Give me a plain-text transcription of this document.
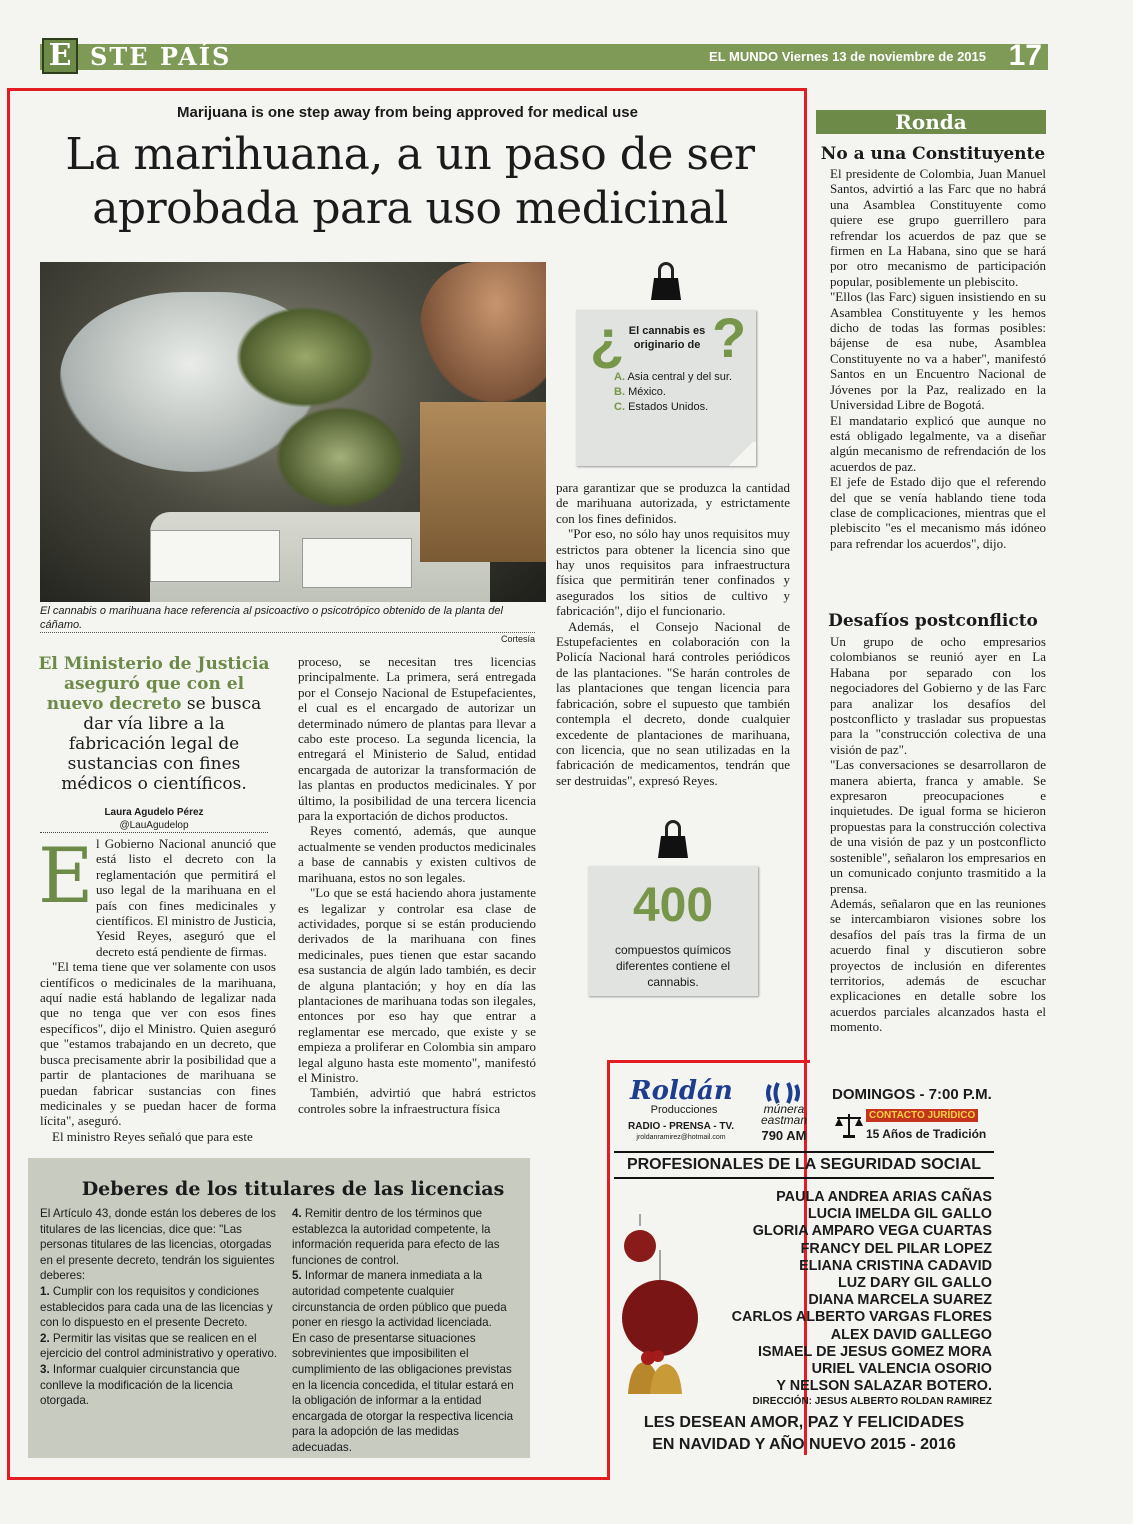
E STE PAÍS	EL MUNDO Viernes 13 de noviembre de 2015 17
Marijuana is one step away from being approved for medical use
La marihuana, a un paso de ser
aprobada para uso medicinal
El cannabis o marihuana hace referencia al psicoactivo o psicotrópico obtenido de la planta del cáñamo.
Cortesía
¿ ?
El cannabis es originario de
A. Asia central y del sur.
B. México.
C. Estados Unidos.
El Ministerio de Justicia aseguró que con el nuevo decreto se busca dar vía libre a la fabricación legal de sustancias con fines médicos o científicos.
Laura Agudelo Pérez
@LauAgudelop
E l Gobierno Nacional anunció que está listo el decreto con la reglamentación que permitirá el uso legal de la marihuana en el país con fines medicinales y científicos. El ministro de Justicia, Yesid Reyes, aseguró que el decreto está pendiente de firmas.

"El tema tiene que ver solamente con usos científicos o medicinales de la marihuana, aquí nadie está hablando de legalizar nada que no tenga que ver con esos fines específicos", dijo el Ministro. Quien aseguró que "estamos trabajando en un decreto, que busca precisamente abrir la posibilidad que a partir de plantaciones de marihuana se puedan fabricar sustancias con fines medicinales y se puedan hacer de forma lícita", aseguró.

El ministro Reyes señaló que para este

proceso, se necesitan tres licencias principalmente. La primera, será entregada por el Consejo Nacional de Estupefacientes, el cual es el encargado de autorizar un determinado número de plantas para llevar a cabo este proceso. La segunda licencia, la entregará el Ministerio de Salud, entidad encargada de autorizar la transformación de las plantas en productos medicinales. Y por último, la posibilidad de una tercera licencia para la exportación de dichos productos.

Reyes comentó, además, que aunque actualmente se venden productos medicinales a base de cannabis y existen cultivos de marihuana, estos no son legales.

"Lo que se está haciendo ahora justamente es legalizar y controlar esa clase de actividades, porque si se están produciendo derivados de la marihuana con fines medicinales, pues tienen que estar sacando esa sustancia de algún lado también, es decir de alguna plantación; y hoy en día las plantaciones de marihuana todas son ilegales, entonces por eso hay que entrar a reglamentar ese mercado, que existe y se empieza a proliferar en Colombia sin amparo legal alguno hasta este momento", manifestó el Ministro.

También, advirtió que habrá estrictos controles sobre la infraestructura física

para garantizar que se produzca la cantidad de marihuana autorizada, y estrictamente con los fines definidos.

"Por eso, no sólo hay unos requisitos muy estrictos para obtener la licencia sino que hay unos requisitos para infraestructura física que permitirán tener confinados y asegurados los sitios de cultivo y fabricación", dijo el funcionario.

Además, el Consejo Nacional de Estupefacientes en colaboración con la Policía Nacional hará controles periódicos de las plantaciones. "Se harán controles de las plantaciones que tengan licencia para fabricación, sobre el supuesto que también contempla el decreto, donde cualquier excedente de plantaciones de marihuana, con licencia, que no sean utilizadas en la fabricación de medicamentos, tendrán que ser destruidas", expresó Reyes.

400
compuestos químicos diferentes contiene el cannabis.
Deberes de los titulares de las licencias
El Artículo 43, donde están los deberes de los titulares de las licencias, dice que: "Las personas titulares de las licencias, otorgadas en el presente decreto, tendrán los siguientes deberes:
1. Cumplir con los requisitos y condiciones establecidos para cada una de las licencias y con lo dispuesto en el presente Decreto.
2. Permitir las visitas que se realicen en el ejercicio del control administrativo y operativo.
3. Informar cualquier circunstancia que conlleve la modificación de la licencia otorgada.
4. Remitir dentro de los términos que establezca la autoridad competente, la información requerida para efecto de las funciones de control.
5. Informar de manera inmediata a la autoridad competente cualquier circunstancia de orden público que pueda poner en riesgo la actividad licenciada.
En caso de presentarse situaciones sobrevinientes que imposibiliten el cumplimiento de las obligaciones previstas en la licencia concedida, el titular estará en la obligación de informar a la entidad encargada de otorgar la respectiva licencia para la adopción de las medidas adecuadas.
Ronda
No a una Constituyente

El presidente de Colombia, Juan Manuel Santos, advirtió a las Farc que no habrá una Asamblea Constituyente como quiere ese grupo guerrillero para refrendar los acuerdos de paz que se firmen en La Habana, sino que se hará por otro mecanismo de participación popular, posiblemente un plebiscito.

"Ellos (las Farc) siguen insistiendo en su Asamblea Constituyente y les hemos dicho de todas las formas posibles: bájense de esa nube, Asamblea Constituyente no va a haber", manifestó Santos en un Encuentro Nacional de Jóvenes por la Paz, realizado en la Universidad Libre de Bogotá.

El mandatario explicó que aunque no está obligado legalmente, va a diseñar algún mecanismo de refrendación de los acuerdos de paz.

El jefe de Estado dijo que el referendo del que se venía hablando tiene toda clase de complicaciones, mientras que el plebiscito "es el mecanismo más idóneo para refrendar los acuerdos", dijo.

Desafíos postconflicto

Un grupo de ocho empresarios colombianos se reunió ayer en La Habana por separado con los negociadores del Gobierno y de las Farc para analizar los desafíos del postconflicto y trasladar sus propuestas para la "construcción colectiva de una visión de paz".

"Las conversaciones se desarrollaron de manera abierta, franca y amable. Se expresaron preocupaciones e inquietudes. De igual forma se hicieron propuestas para la construcción colectiva de una visión de paz y un postconflicto sostenible", señalaron los empresarios en un comunicado conjunto trasmitido a la prensa.

Además, señalaron que en las reuniones se intercambiaron visiones sobre los desafíos del país tras la firma de un acuerdo final y discutieron sobre proyectos de inclusión en diferentes territorios, además de escuchar explicaciones en detalle sobre los acuerdos parciales alcanzados hasta el momento.

Roldán
Producciones
RADIO - PRENSA - TV.
jroldanramirez@hotmail.com
múnera
eastman
790 AM
DOMINGOS - 7:00 P.M.
CONTACTO JURÍDICO
15 Años de Tradición
PROFESIONALES DE LA SEGURIDAD SOCIAL
PAULA ANDREA ARIAS CAÑAS
LUCIA IMELDA GIL GALLO
GLORIA AMPARO VEGA CUARTAS
FRANCY DEL PILAR LOPEZ
ELIANA CRISTINA CADAVID
LUZ DARY GIL GALLO
DIANA MARCELA SUAREZ
CARLOS ALBERTO VARGAS FLORES
ALEX DAVID GALLEGO
ISMAEL DE JESUS GOMEZ MORA
URIEL VALENCIA OSORIO
Y NELSON SALAZAR BOTERO.
DIRECCIÓN: JESUS ALBERTO ROLDAN RAMIREZ
LES DESEAN AMOR, PAZ Y FELICIDADES
EN NAVIDAD Y AÑO NUEVO 2015 - 2016
